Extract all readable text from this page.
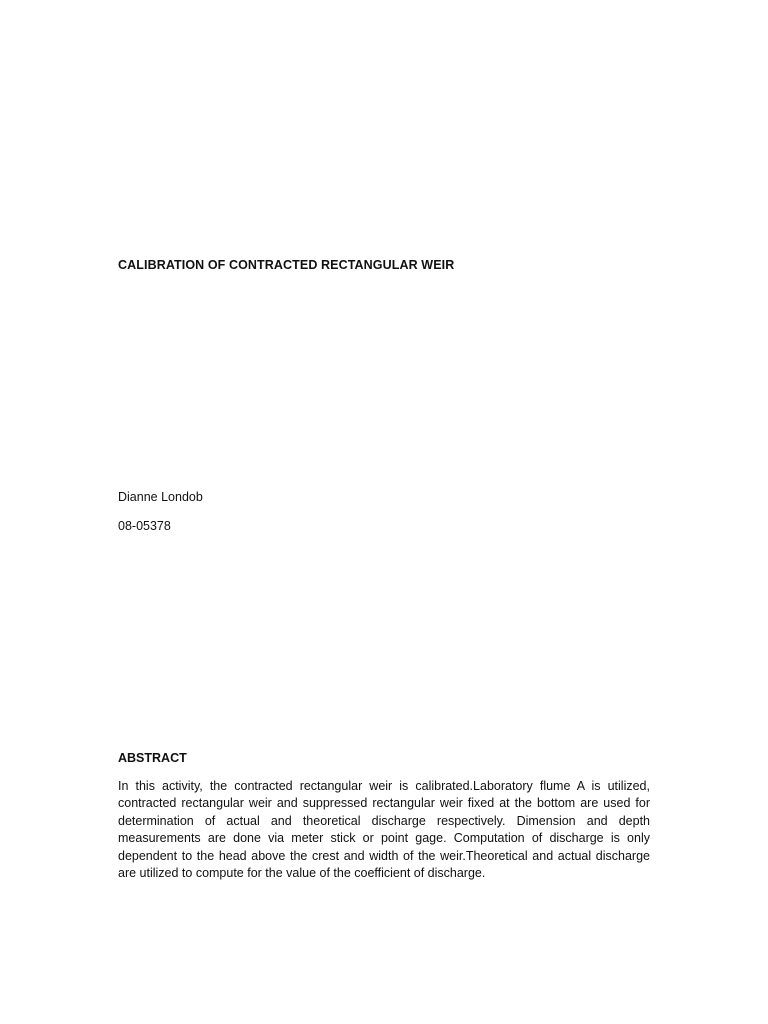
CALIBRATION OF CONTRACTED RECTANGULAR WEIR
Dianne Londob
08-05378
ABSTRACT
In this activity, the contracted rectangular weir is calibrated.Laboratory flume A is utilized, contracted rectangular weir and suppressed rectangular weir fixed at the bottom are used for determination of actual and theoretical discharge respectively. Dimension and depth measurements are done via meter stick or point gage. Computation of discharge is only dependent to the head above the crest and width of the weir.Theoretical and actual discharge are utilized to compute for the value of the coefficient of discharge.
